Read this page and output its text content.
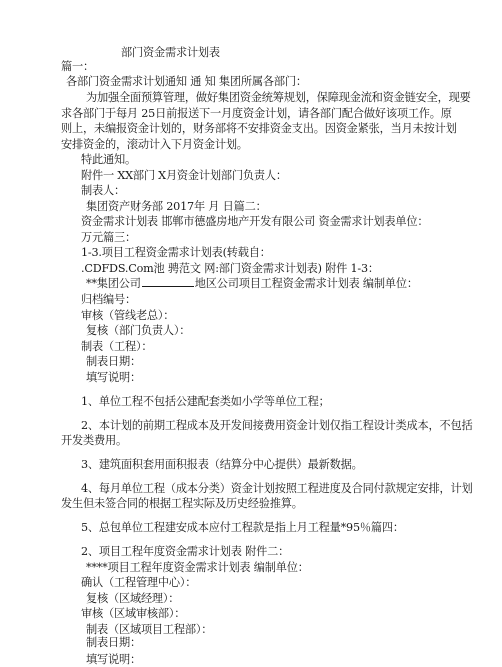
部门资金需求计划表
篇一：
各部门资金需求计划通知 通 知 集团所属各部门：
为加强全面预算管理，做好集团资金统筹规划，保障现金流和资金链安全，现要
求各部门于每月 25日前报送下一月度资金计划，请各部门配合做好该项工作。原
则上，未编报资金计划的，财务部将不安排资金支出。因资金紧张，当月未按计划
安排资金的，滚动计入下月资金计划。
特此通知。
附件一 XX部门 X月资金计划部门负责人：
制表人：
集团资产财务部 2017年 月 日篇二：
资金需求计划表 邯郸市德盛房地产开发有限公司 资金需求计划表单位：
万元篇三：
1-3.项目工程资金需求计划表(转载自：
.CDFDS.Com池 骋范文 网:部门资金需求计划表) 附件 1-3：
**集团公司	地区公司项目工程资金需求计划表 编制单位：
归档编号：
审核（管线老总）：
复核（部门负责人）：
制表（工程）：
制表日期：
填写说明：
1、单位工程不包括公建配套类如小学等单位工程；
2、本计划的前期工程成本及开发间接费用资金计划仅指工程设计类成本，不包括
开发类费用。
3、建筑面积套用面积报表（结算分中心提供）最新数据。
4、每月单位工程（成本分类）资金计划按照工程进度及合同付款规定安排，计划
发生但未签合同的根据工程实际及历史经验推算。
5、总包单位工程建安成本应付工程款是指上月工程量*95％篇四：
2、项目工程年度资金需求计划表 附件二：
****项目工程年度资金需求计划表 编制单位：
确认（工程管理中心）：
复核（区域经理）：
审核（区域审核部）：
制表（区域项目工程部）：
制表日期：
填写说明：
